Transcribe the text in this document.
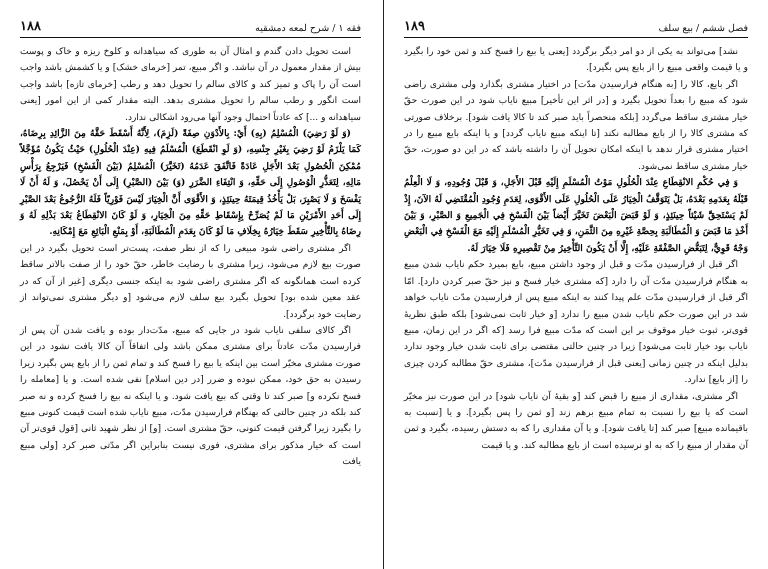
فقه ۱ / شرح لمعه دمشقیه
۱۸۸

است تحویل دادن گندم و امثال آن به طوری که سیاهدانه و کلوخ ریزه و خاک و پوست بیش از مقدار معمول در آن نباشد. و اگر مبیع، تمر [خرمای خشک] و یا کشمش باشد واجب است آن را پاک و تمیز کند و کالای سالم را تحویل دهد و رطب [خرمای تازه] باشد واجب است انگور و رطب سالم را تحویل مشتری بدهد. البته مقدار کمی از این امور [یعنی سیاهدانه و ...] که عادتاً احتمال وجود آنها می‌رود اشکالی ندارد.

(وَ لَوْ رَضِيَ) الْمُسْلِمُ (بِهِ) أَيْ: بِالأَدْوَنِ صِفَةً (لَزِمَ)، لِأَنَّهُ أَسْقَطَ حَقَّهُ مِنَ الزَّائِدِ بِرِضَاهُ، كَمَا يَلْزَمُ لَوْ رَضِيَ بِغَيْرِ جِنْسِهِ، (وَ لَوِ انْقَطَعَ) الْمُسْلَمُ فِيهِ (عِنْدَ الْحُلُولِ) حَيْثُ يَكُونُ مُؤَجَّلاً مُمْكِنَ الْحُصُولِ بَعْدَ الأَجَلِ عَادَةً فَاتَّفَقَ عَدَمُهُ (تَخَيَّرَ) الْمُسْلِمُ (بَيْنَ الْفَسْخِ) فَيَرْجِعُ بِرَأْسِ مَالِهِ، لِتَعَذُّرِ الْوُصُولِ إِلَى حَقِّهِ، وَ انْتِفَاءِ الضَّرَرِ (وَ) بَيْنَ (الصَّبْرِ) إِلَى أَنْ يَحْصُلَ، وَ لَهُ أَنْ لَا يَفْسَخَ وَ لَا يَصْبِرَ، بَلْ يَأْخُذُ قِيمَتَهُ حِينَئِذٍ، وَ الأَقْوَى أَنَّ الْخِيَارَ لَيْسَ فَوْرِيّاً فَلَهُ الرُّجُوعُ بَعْدَ الصَّبْرِ إِلَى أَحَدِ الأَمْرَيْنِ مَا لَمْ يُصَرِّحْ بِإِسْقَاطِ حَقِّهِ مِنَ الْخِيَارِ، وَ لَوْ كَانَ الانْقِطَاعُ بَعْدَ بَذْلِهِ لَهُ وَ رِضَاهُ بِالتَّأْخِيرِ سَقَطَ خِيَارُهُ بِخِلَافِ مَا لَوْ كَانَ بِعَدَمِ الْمُطَالَبَةِ، أَوْ بِمَنْعِ الْبَائِعِ مَعَ إِمْكَانِهِ.

اگر مشتری راضی شود مبیعی را که از نظر صفت، پست‌تر است تحویل بگیرد در این صورت بیع لازم می‌شود، زیرا مشتری با رضایت خاطر، حقّ خود را از صفت بالاتر ساقط کرده است همانگونه که اگر مشتری راضی شود به اینکه جنسی دیگری [غیر از آن که در عقد معین شده بود] تحویل بگیرد بیع سلف لازم می‌شود [و دیگر مشتری نمی‌تواند از رضایت خود برگردد].

اگر کالای سلفی نایاب شود در جایی که مبیع، مدّت‌دار بوده و یافت شدن آن پس از فرارسیدن مدّت عادتاً برای مشتری ممکن باشد ولی اتفاقاً آن کالا یافت نشود در این صورت مشتری مخیّر است بین اینکه یا بیع را فسخ کند و تمام ثمن را از بایع پس بگیرد زیرا رسیدن به حق خود، ممکن نبوده و ضرر [در دین اسلام] نفی شده است. و یا [معامله را فسخ نکرده و] صبر کند تا وقتی که بیع یافت شود. و یا اینکه نه بیع را فسخ کرده و نه صبر کند بلکه در چنین حالتی که بهنگام فرارسیدن مدّت، مبیع نایاب شده است قیمت کنونی مبیع را بگیرد زیرا گرفتن قیمت کنونی، حقّ مشتری است. [و] از نظر شهید ثانی [قول قوی‌تر آن است که خیار مذکور برای مشتری، فوری نیست بنابراین اگر مدّتی صبر کرد [ولی مبیع یافت

فصل ششم / بیع سلف
۱۸۹

نشد] می‌تواند به یکی از دو امر دیگر برگردد [یعنی یا بیع را فسخ کند و ثمن خود را بگیرد و یا قیمت واقعی مبیع را از بایع پس بگیرد].

اگر بایع، کالا را [به هنگام فرارسیدن مدّت] در اختیار مشتری بگذارد ولی مشتری راضی شود که مبیع را بعداً تحویل بگیرد و [در اثر این تأخیر] مبیع نایاب شود در این صورت حقّ خیار مشتری ساقط می‌گردد [بلکه منحصراً باید صبر کند تا کالا یافت شود]. برخلاف صورتی که مشتری کالا را از بایع مطالبه نکند [تا اینکه مبیع نایاب گردد] و یا اینکه بایع مبیع را در اختیار مشتری قرار ندهد با اینکه امکان تحویل آن را داشته باشد که در این دو صورت، حقّ خیار مشتری ساقط نمی‌شود.

وَ فِي حُكْمِ الانْقِطَاعِ عِنْدَ الْحُلُولِ مَوْتُ الْمُسْلَمِ إِلَيْهِ قَبْلَ الأَجَلِ، وَ قَبْلَ وُجُودِهِ، وَ لَا الْعِلْمُ قَبْلَهُ بِعَدَمِهِ بَعْدَهُ، بَلْ يَتَوَقَّفُ الْخِيَارُ عَلَى الْحُلُولِ عَلَى الأَقْوَى، لِعَدَمِ وُجُودِ الْمُقْتَضِي لَهُ الآنَ، إِذْ لَمْ يَسْتَحِقَّ شَيْئاً حِينَئِذٍ، وَ لَوْ قَبَضَ الْبَعْضَ تَخَيَّرَ أَيْضاً بَيْنَ الْفَسْخِ فِي الْجَمِيعِ وَ الصَّبْرِ، وَ بَيْنَ أَخْذِ مَا قَبَضَ وَ الْمُطَالَبَةِ بِحِصَّةِ غَيْرِهِ مِنَ الثَّمَنِ، وَ فِي تَخَيُّرِ الْمُسْلَمِ إِلَيْهِ مَعَ الْفَسْخِ فِي الْبَعْضِ وَجْهٌ قَوِيٌّ، لِتَبَعُّضِ الصَّفْقَةِ عَلَيْهِ، إِلَّا أَنْ يَكُونَ التَّأْخِيرُ مِنْ تَقْصِيرِهِ فَلَا خِيَارَ لَهُ.

اگر قبل از فرارسیدن مدّت و قبل از وجود داشتن مبیع، بایع بمیرد حکم نایاب شدن مبیع به هنگام فرارسیدن مدّت آن را دارد [که مشتری خیار فسخ و نیز حقّ صبر کردن دارد]. امّا اگر قبل از فرارسیدن مدّت علم پیدا کنند به اینکه مبیع پس از فرارسیدن مدّت نایاب خواهد شد در این صورت حکم نایاب شدن مبیع را ندارد [و خیار ثابت نمی‌شود] بلکه طبق نظریهٔ قوی‌تر، ثبوت خیار موقوف بر این است که مدّت مبیع فرا رسد [که اگر در این زمان، مبیع نایاب بود خیار ثابت می‌شود] زیرا در چنین حالتی مقتضی برای ثابت شدن خیار وجود ندارد بدلیل اینکه در چنین زمانی [یعنی قبل از فرارسیدن مدّت]، مشتری حقّ مطالبه کردن چیزی را [از بایع] ندارد.

اگر مشتری، مقداری از مبیع را قبض کند [و بقیهٔ آن نایاب شود] در این صورت نیز مخیّر است که یا بیع را نسبت به تمام مبیع برهم زند [و ثمن را پس بگیرد]. و یا [نسبت به باقیمانده مبیع] صبر کند [تا یافت شود]. و یا آن مقداری را که به دستش رسیده، بگیرد و ثمن آن مقدار از مبیع را که به او نرسیده است از بایع مطالبه کند. و یا قیمت
